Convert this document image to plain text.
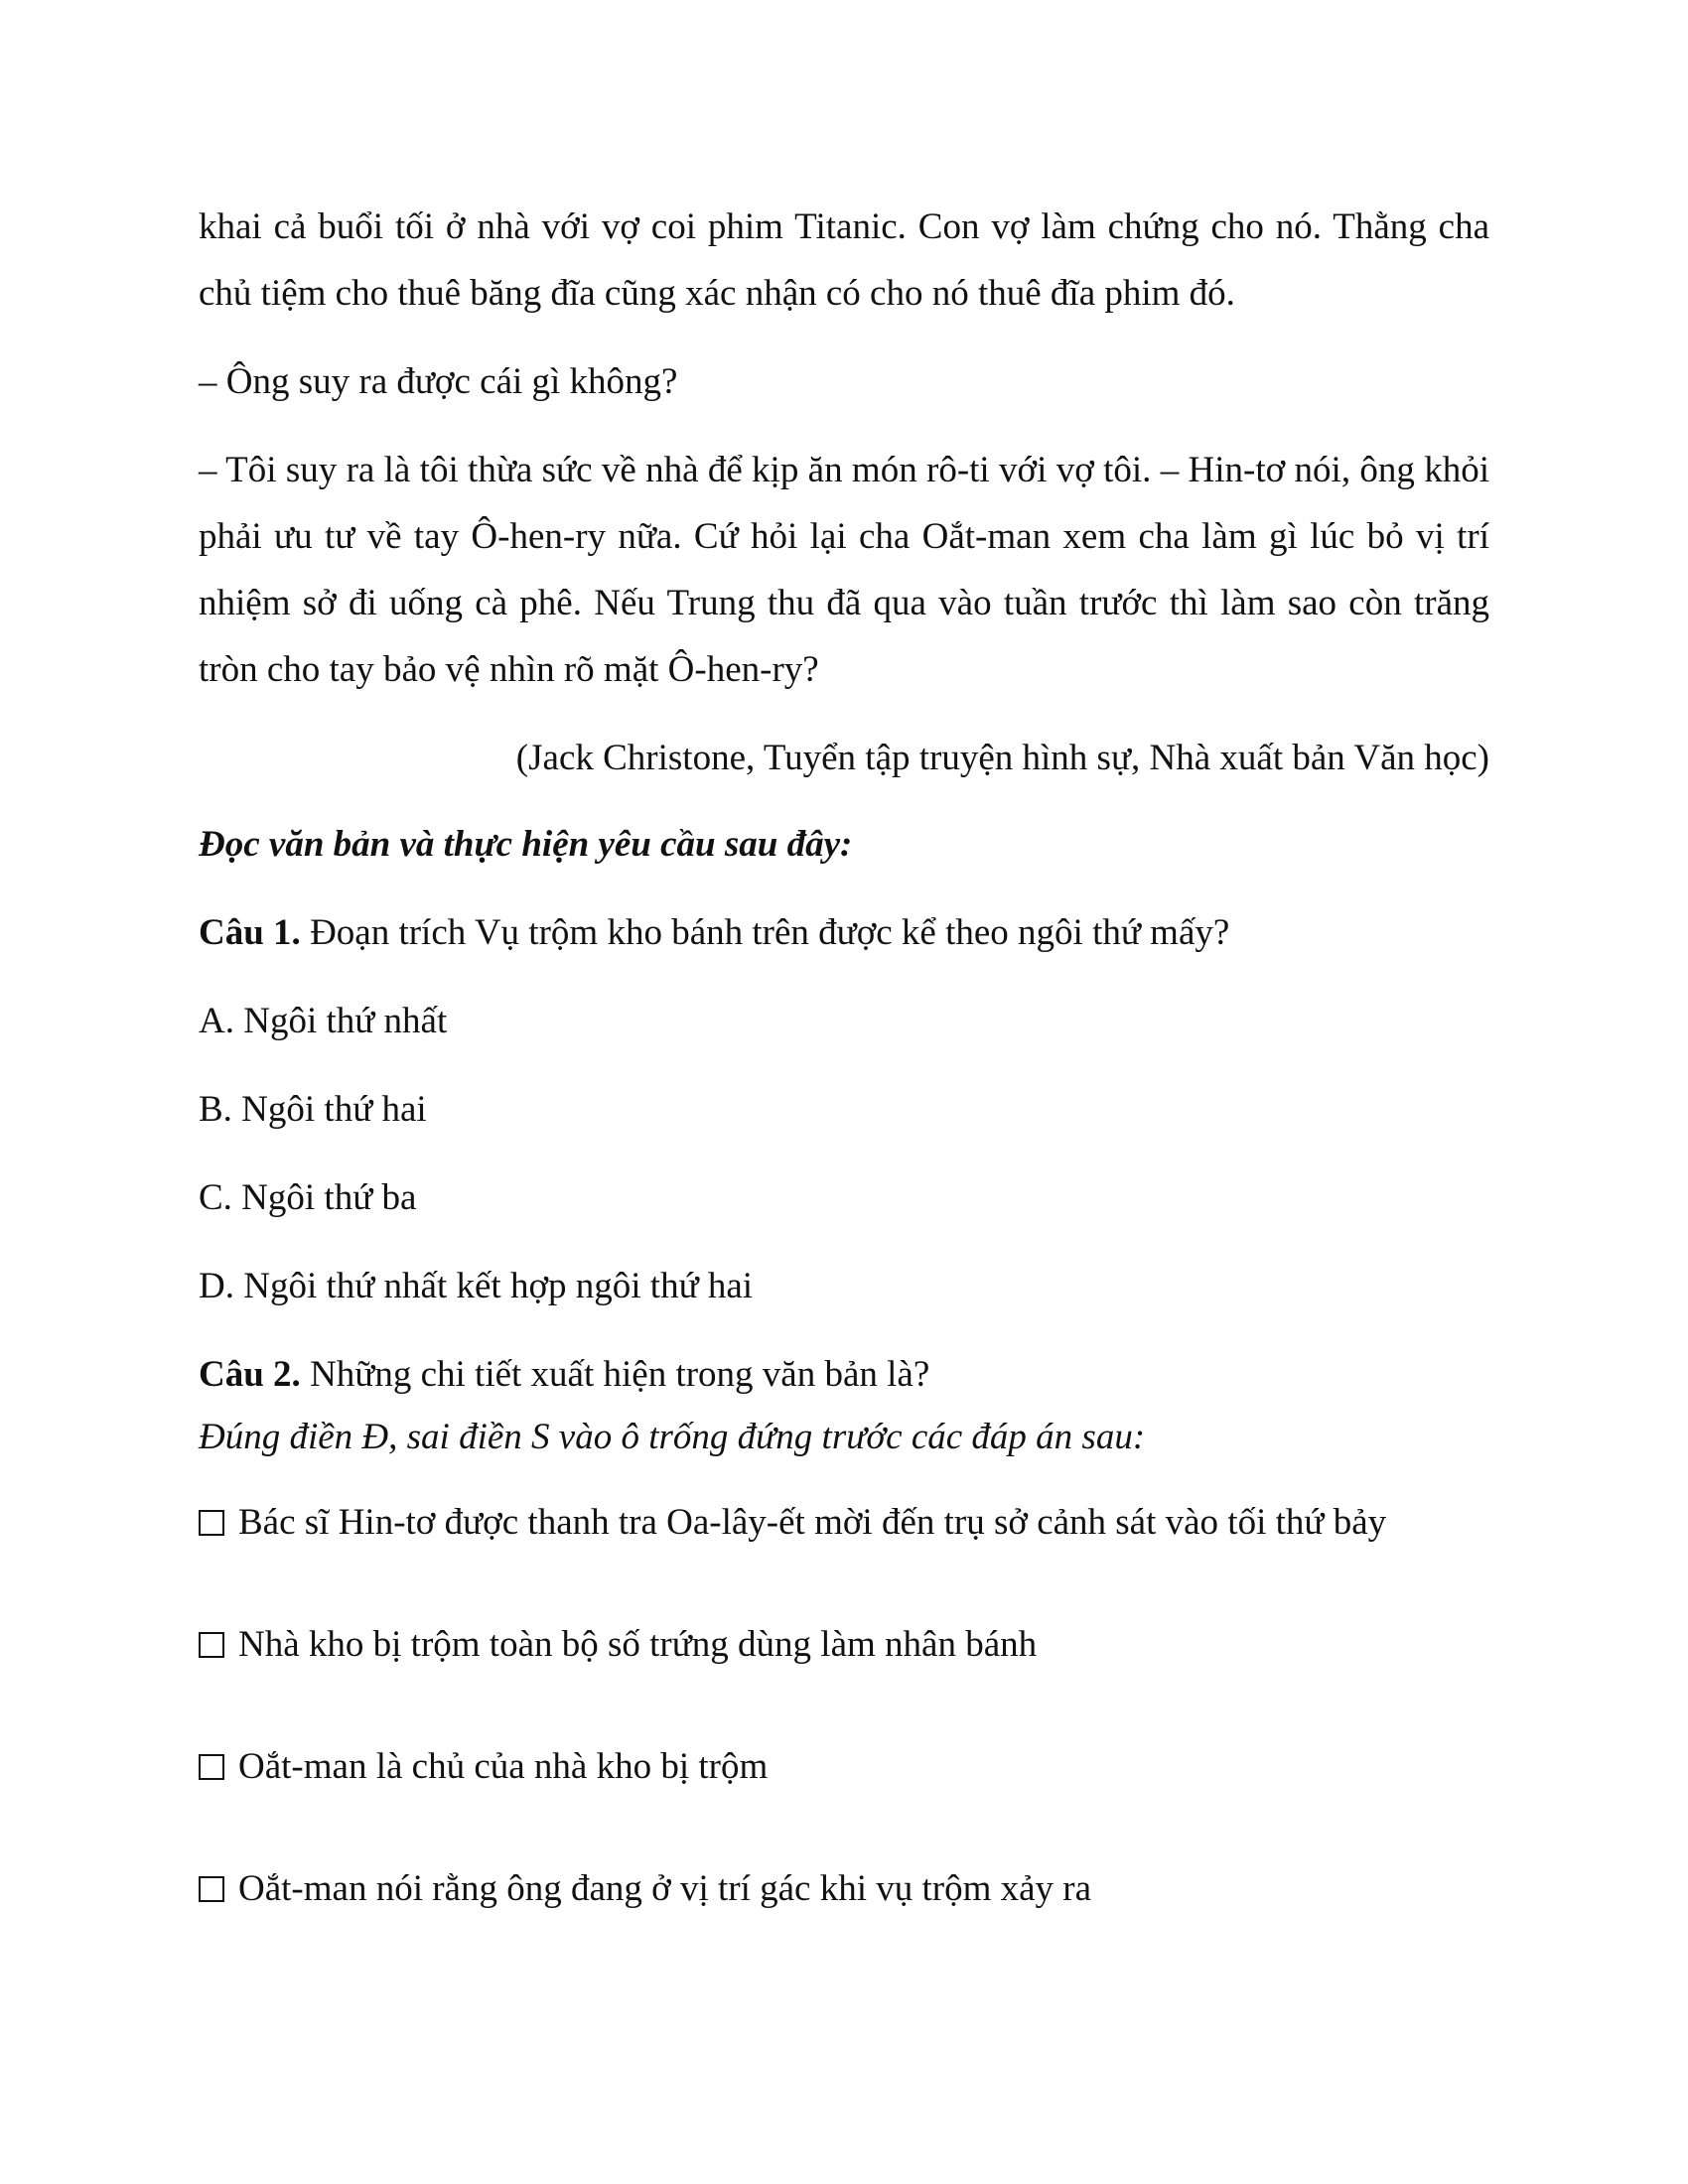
khai cả buổi tối ở nhà với vợ coi phim Titanic. Con vợ làm chứng cho nó. Thằng cha chủ tiệm cho thuê băng đĩa cũng xác nhận có cho nó thuê đĩa phim đó.

– Ông suy ra được cái gì không?

– Tôi suy ra là tôi thừa sức về nhà để kịp ăn món rô-ti với vợ tôi. – Hin-tơ nói, ông khỏi phải ưu tư về tay Ô-hen-ry nữa. Cứ hỏi lại cha Oắt-man xem cha làm gì lúc bỏ vị trí nhiệm sở đi uống cà phê. Nếu Trung thu đã qua vào tuần trước thì làm sao còn trăng tròn cho tay bảo vệ nhìn rõ mặt Ô-hen-ry?

(Jack Christone, Tuyển tập truyện hình sự, Nhà xuất bản Văn học)

Đọc văn bản và thực hiện yêu cầu sau đây:

Câu 1. Đoạn trích Vụ trộm kho bánh trên được kể theo ngôi thứ mấy?

A. Ngôi thứ nhất

B. Ngôi thứ hai

C. Ngôi thứ ba

D. Ngôi thứ nhất kết hợp ngôi thứ hai

Câu 2. Những chi tiết xuất hiện trong văn bản là?

Đúng điền Đ, sai điền S vào ô trống đứng trước các đáp án sau:

Bác sĩ Hin-tơ được thanh tra Oa-lây-ết mời đến trụ sở cảnh sát vào tối thứ bảy
Nhà kho bị trộm toàn bộ số trứng dùng làm nhân bánh
Oắt-man là chủ của nhà kho bị trộm
Oắt-man nói rằng ông đang ở vị trí gác khi vụ trộm xảy ra
